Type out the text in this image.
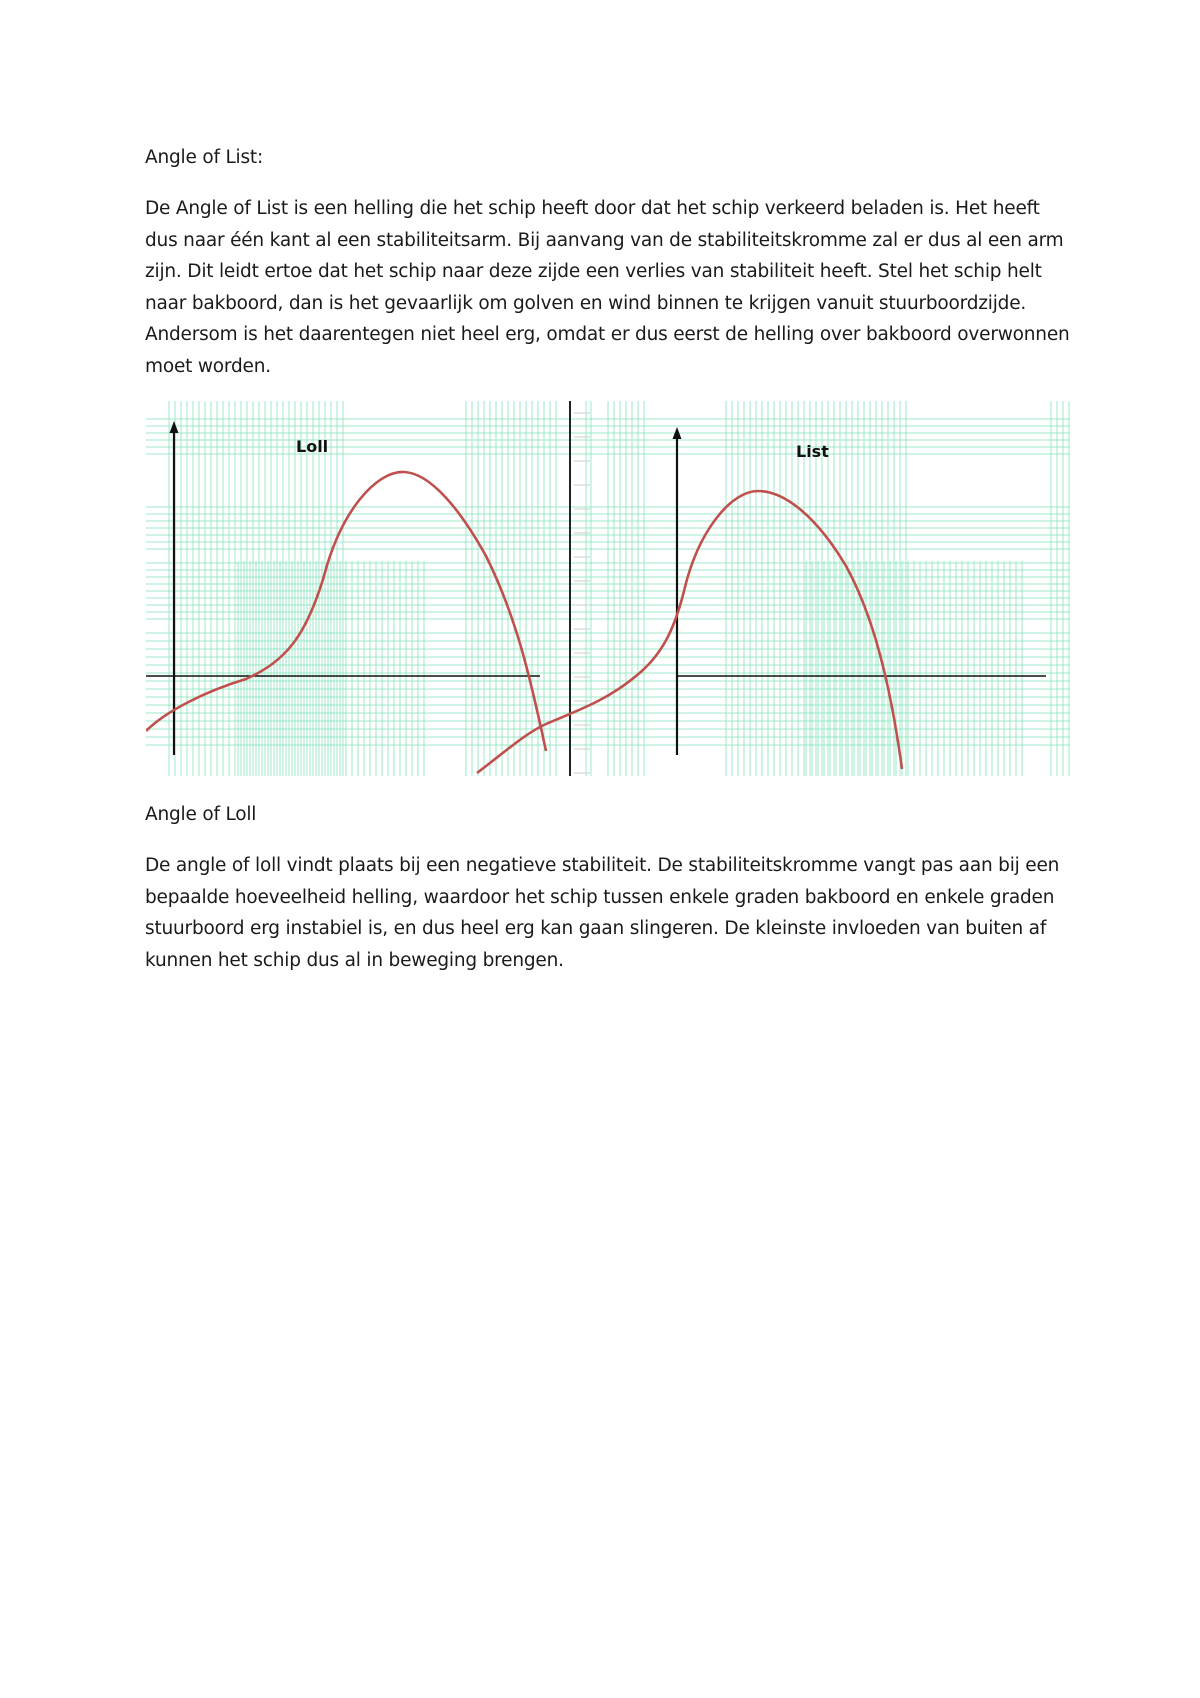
Angle of List:

De Angle of List is een helling die het schip heeft door dat het schip verkeerd beladen is. Het heeft dus naar één kant al een stabiliteitsarm. Bij aanvang van de stabiliteitskromme zal er dus al een arm zijn. Dit leidt ertoe dat het schip naar deze zijde een verlies van stabiliteit heeft. Stel het schip helt naar bakboord, dan is het gevaarlijk om golven en wind binnen te krijgen vanuit stuurboordzijde. Andersom is het daarentegen niet heel erg, omdat er dus eerst de helling over bakboord overwonnen moet worden.

Loll	List

Angle of Loll

De angle of loll vindt plaats bij een negatieve stabiliteit. De stabiliteitskromme vangt pas aan bij een bepaalde hoeveelheid helling, waardoor het schip tussen enkele graden bakboord en enkele graden stuurboord erg instabiel is, en dus heel erg kan gaan slingeren. De kleinste invloeden van buiten af kunnen het schip dus al in beweging brengen.
